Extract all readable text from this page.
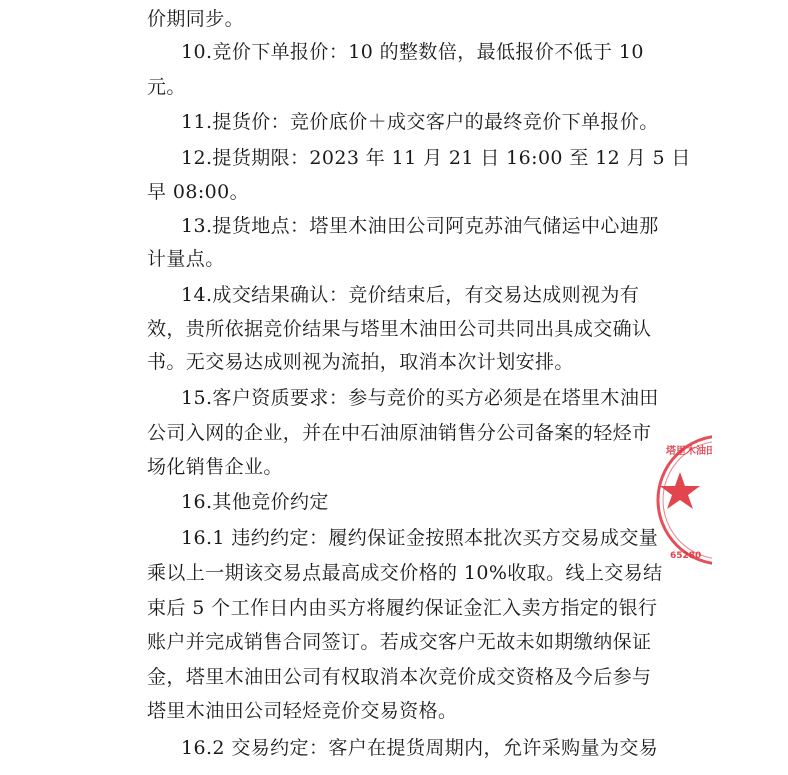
价期同步。
10.竞价下单报价：10 的整数倍，最低报价不低于 10
元。
11.提货价：竞价底价＋成交客户的最终竞价下单报价。
12.提货期限：2023 年 11 月 21 日 16:00 至 12 月 5 日
早 08:00。
13.提货地点：塔里木油田公司阿克苏油气储运中心迪那
计量点。
14.成交结果确认：竞价结束后，有交易达成则视为有
效，贵所依据竞价结果与塔里木油田公司共同出具成交确认
书。无交易达成则视为流拍，取消本次计划安排。
15.客户资质要求：参与竞价的买方必须是在塔里木油田
公司入网的企业，并在中石油原油销售分公司备案的轻烃市
场化销售企业。
16.其他竞价约定
16.1 违约约定：履约保证金按照本批次买方交易成交量
乘以上一期该交易点最高成交价格的 10%收取。线上交易结
束后 5 个工作日内由买方将履约保证金汇入卖方指定的银行
账户并完成销售合同签订。若成交客户无故未如期缴纳保证
金，塔里木油田公司有权取消本次竞价成交资格及今后参与
塔里木油田公司轻烃竞价交易资格。
16.2 交易约定：客户在提货周期内，允许采购量为交易
塔里木油田分公司
65280
